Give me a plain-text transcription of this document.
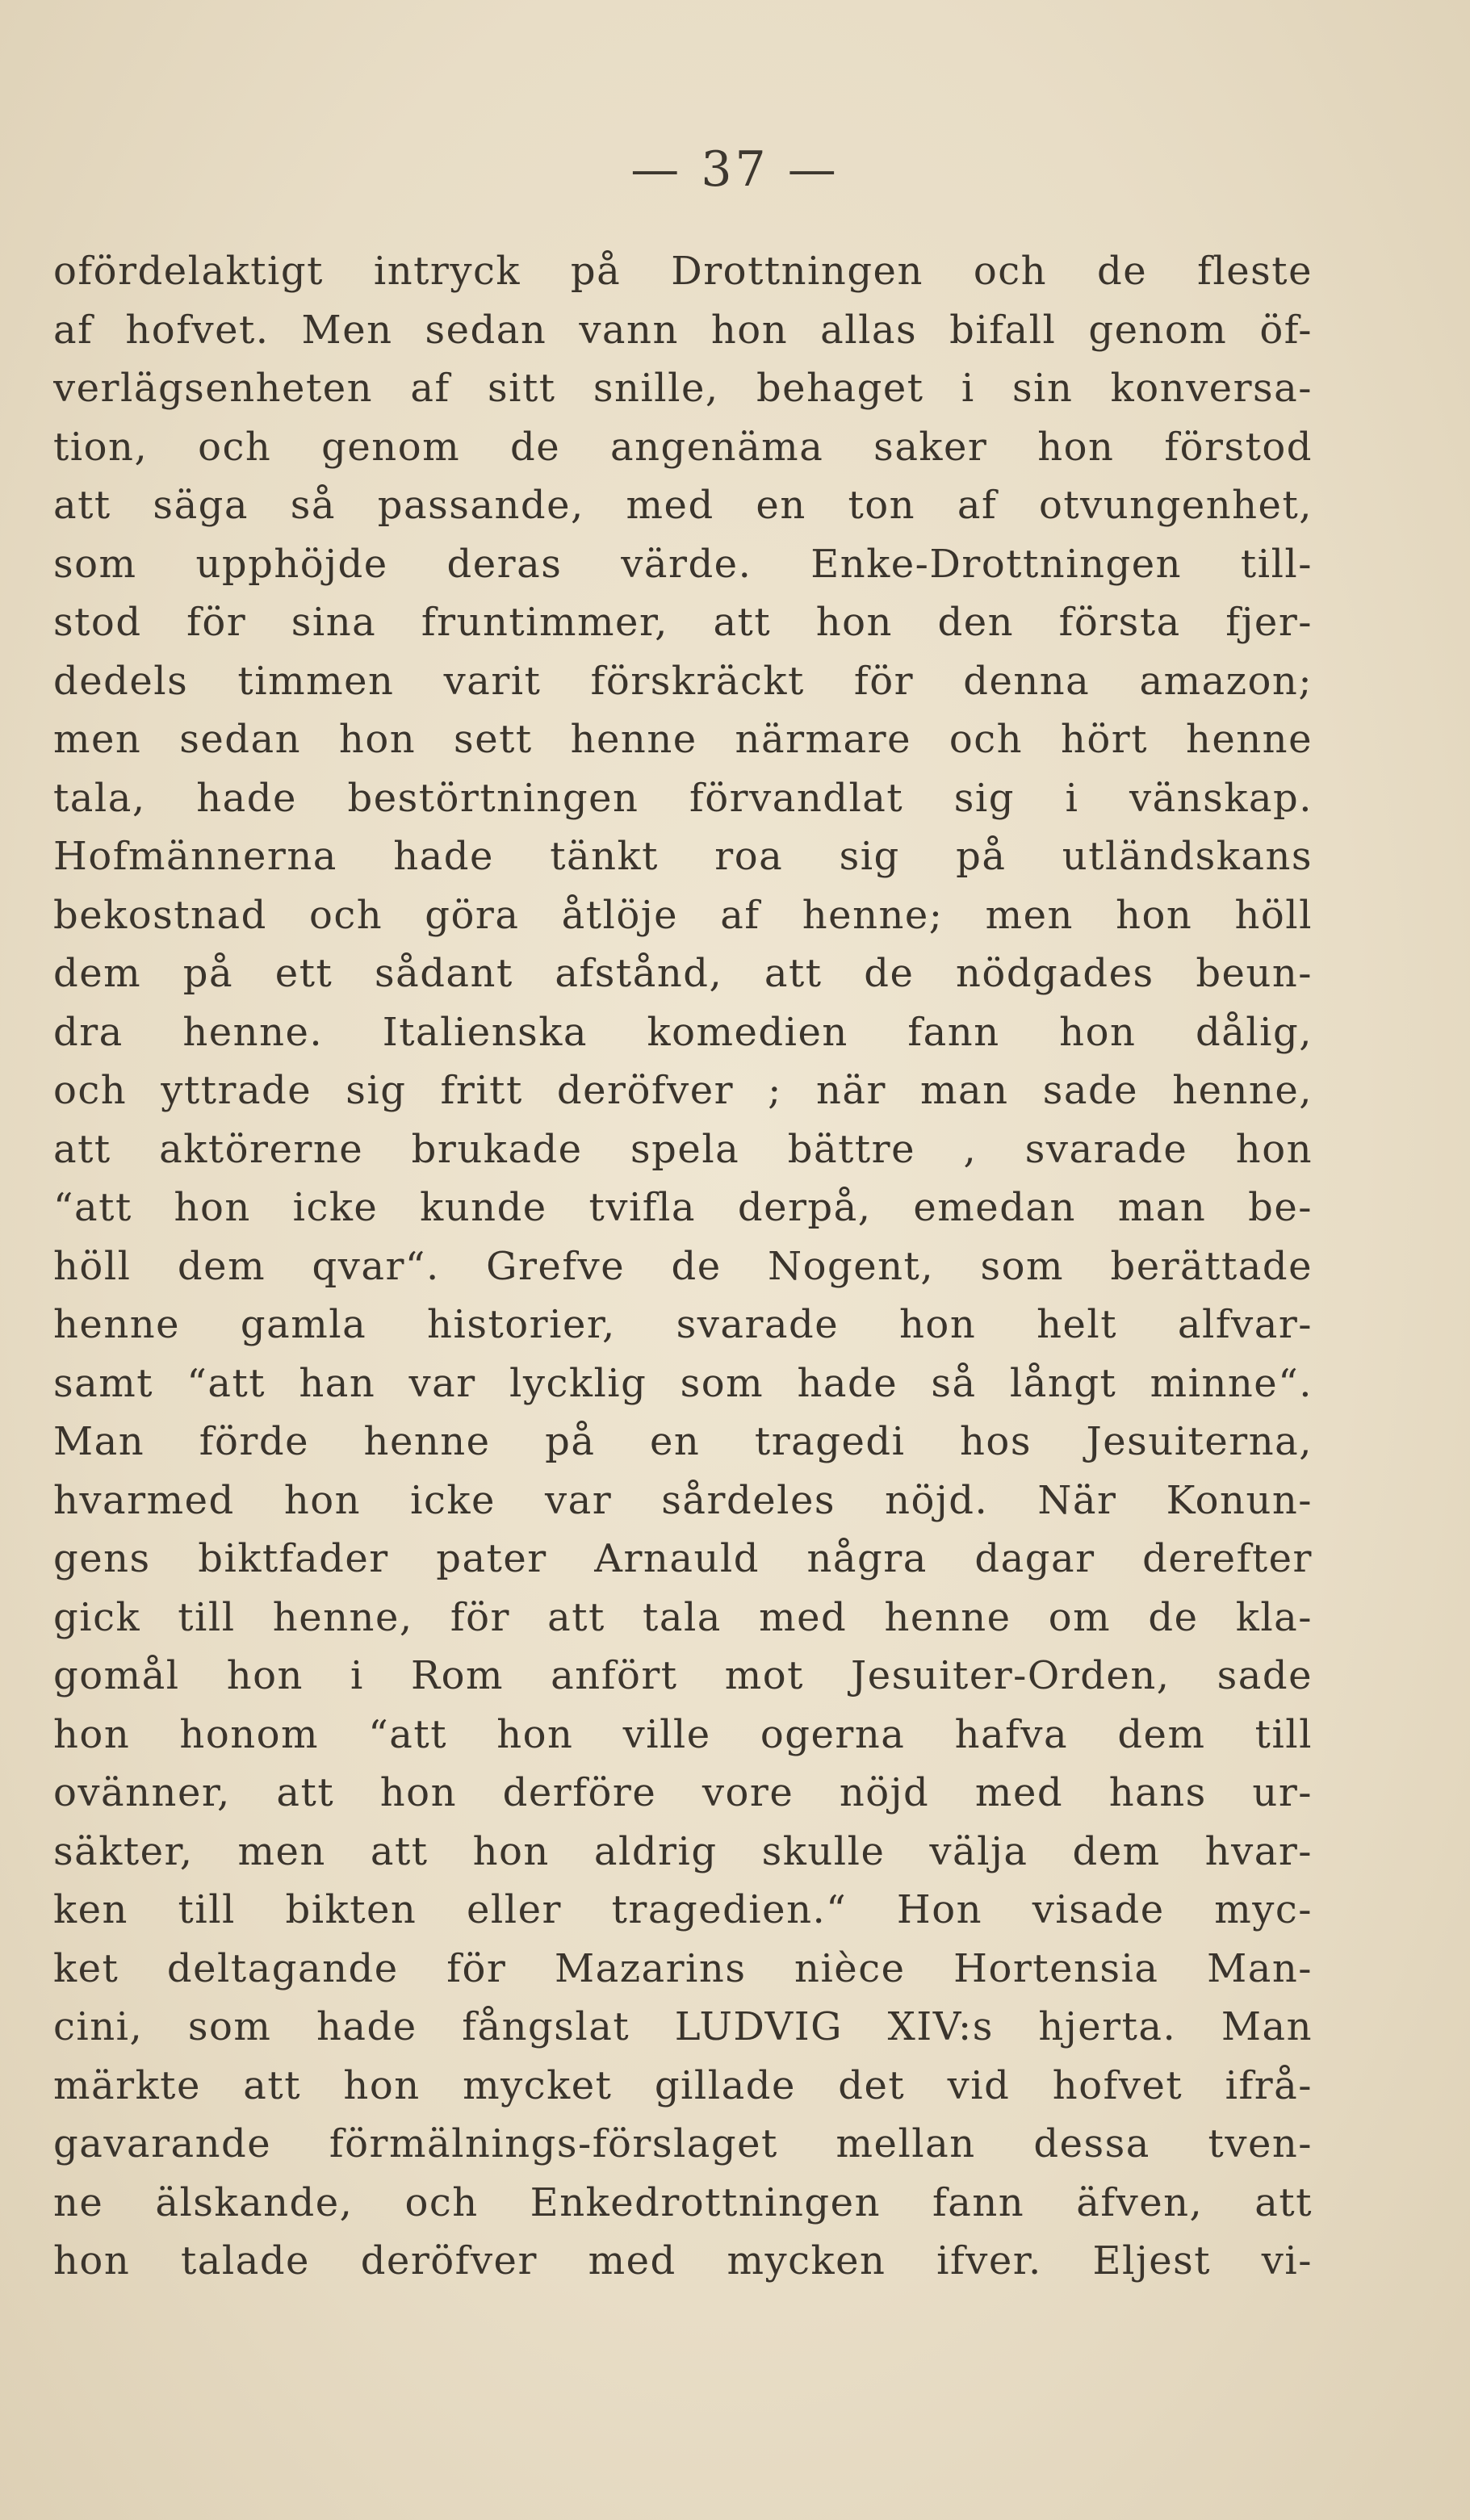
— 37 —
ofördelaktigt intryck på Drottningen och de fleste
af hofvet. Men sedan vann hon allas bifall genom öf-
verlägsenheten af sitt snille, behaget i sin konversa-
tion, och genom de angenäma saker hon förstod
att säga så passande, med en ton af otvungenhet,
som upphöjde deras värde. Enke-Drottningen till-
stod för sina fruntimmer, att hon den första fjer-
dedels timmen varit förskräckt för denna amazon;
men sedan hon sett henne närmare och hört henne
tala, hade bestörtningen förvandlat sig i vänskap.
Hofmännerna hade tänkt roa sig på utländskans
bekostnad och göra åtlöje af henne; men hon höll
dem på ett sådant afstånd, att de nödgades beun-
dra henne. Italienska komedien fann hon dålig,
och yttrade sig fritt deröfver ; när man sade henne,
att aktörerne brukade spela bättre , svarade hon
“att hon icke kunde tvifla derpå, emedan man be-
höll dem qvar“. Grefve de Nogent, som berättade
henne gamla historier, svarade hon helt alfvar-
samt “att han var lycklig som hade så långt minne“.
Man förde henne på en tragedi hos Jesuiterna,
hvarmed hon icke var sårdeles nöjd. När Konun-
gens biktfader pater Arnauld några dagar derefter
gick till henne, för att tala med henne om de kla-
gomål hon i Rom anfört mot Jesuiter-Orden, sade
hon honom “att hon ville ogerna hafva dem till
ovänner, att hon derföre vore nöjd med hans ur-
säkter, men att hon aldrig skulle välja dem hvar-
ken till bikten eller tragedien.“ Hon visade myc-
ket deltagande för Mazarins nièce Hortensia Man-
cini, som hade fångslat LUDVIG XIV:s hjerta. Man
märkte att hon mycket gillade det vid hofvet ifrå-
gavarande förmälnings-förslaget mellan dessa tven-
ne älskande, och Enkedrottningen fann äfven, att
hon talade deröfver med mycken ifver. Eljest vi-
